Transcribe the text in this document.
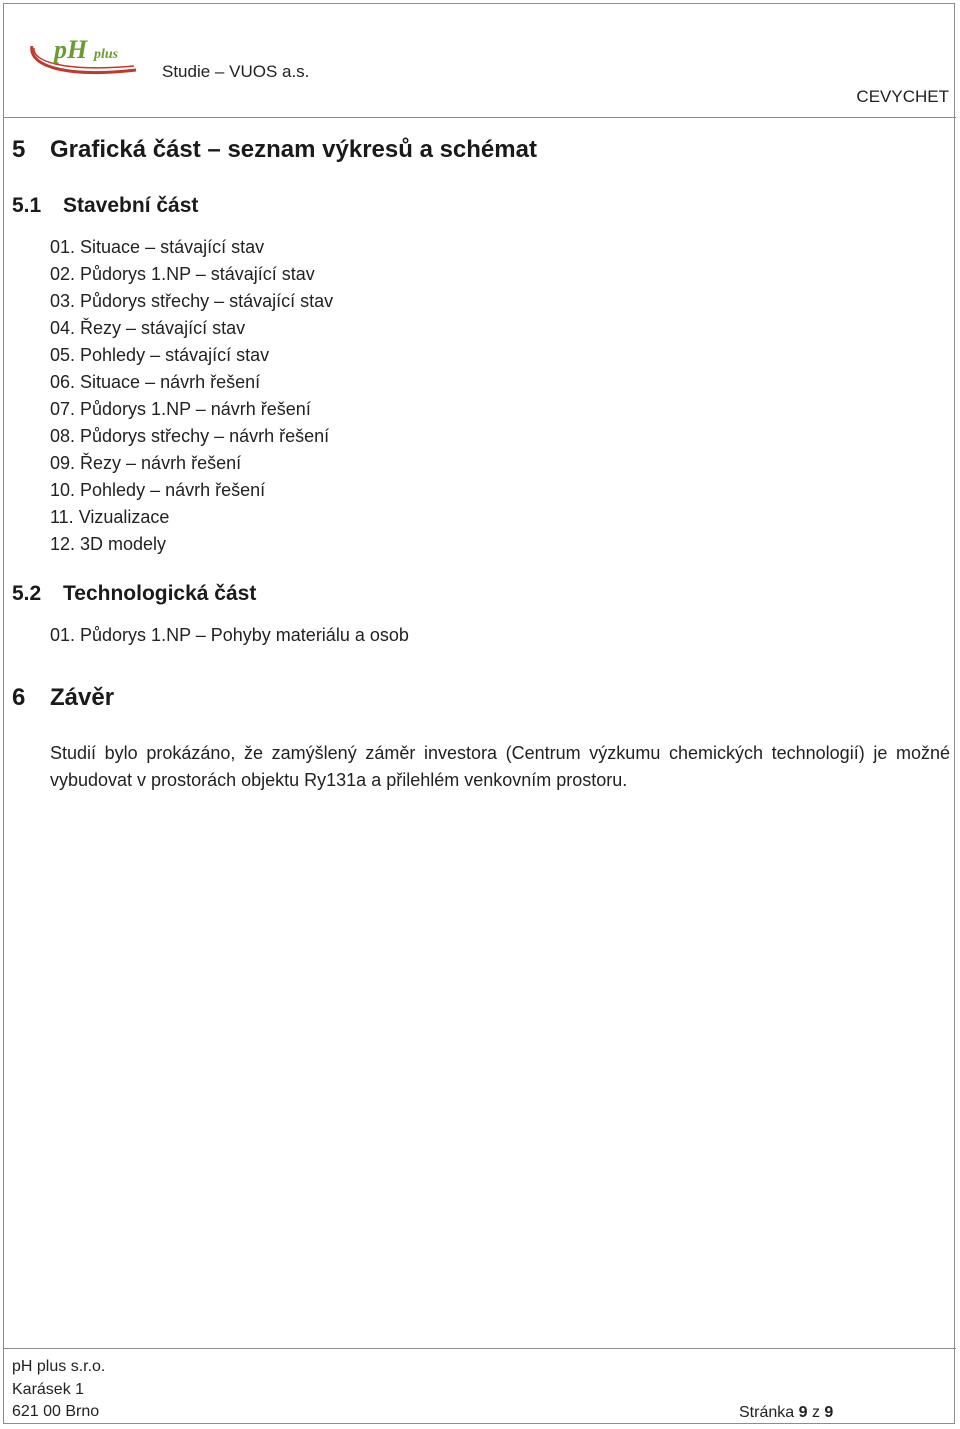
pH plus
Studie – VUOS a.s.
CEVYCHET
5 Grafická část – seznam výkresů a schémat
5.1 Stavební část
01. Situace – stávající stav
02. Půdorys 1.NP – stávající stav
03. Půdorys střechy – stávající stav
04. Řezy – stávající stav
05. Pohledy – stávající stav
06. Situace – návrh řešení
07. Půdorys 1.NP – návrh řešení
08. Půdorys střechy – návrh řešení
09. Řezy – návrh řešení
10. Pohledy – návrh řešení
11. Vizualizace
12. 3D modely
5.2 Technologická část
01. Půdorys 1.NP – Pohyby materiálu a osob
6 Závěr

Studií bylo prokázáno, že zamýšlený záměr investora (Centrum výzkumu chemických technologií) je možné vybudovat v prostorách objektu Ry131a a přilehlém venkovním prostoru.

pH plus s.r.o.
Karásek 1
621 00 Brno	Stránka 9 z 9
